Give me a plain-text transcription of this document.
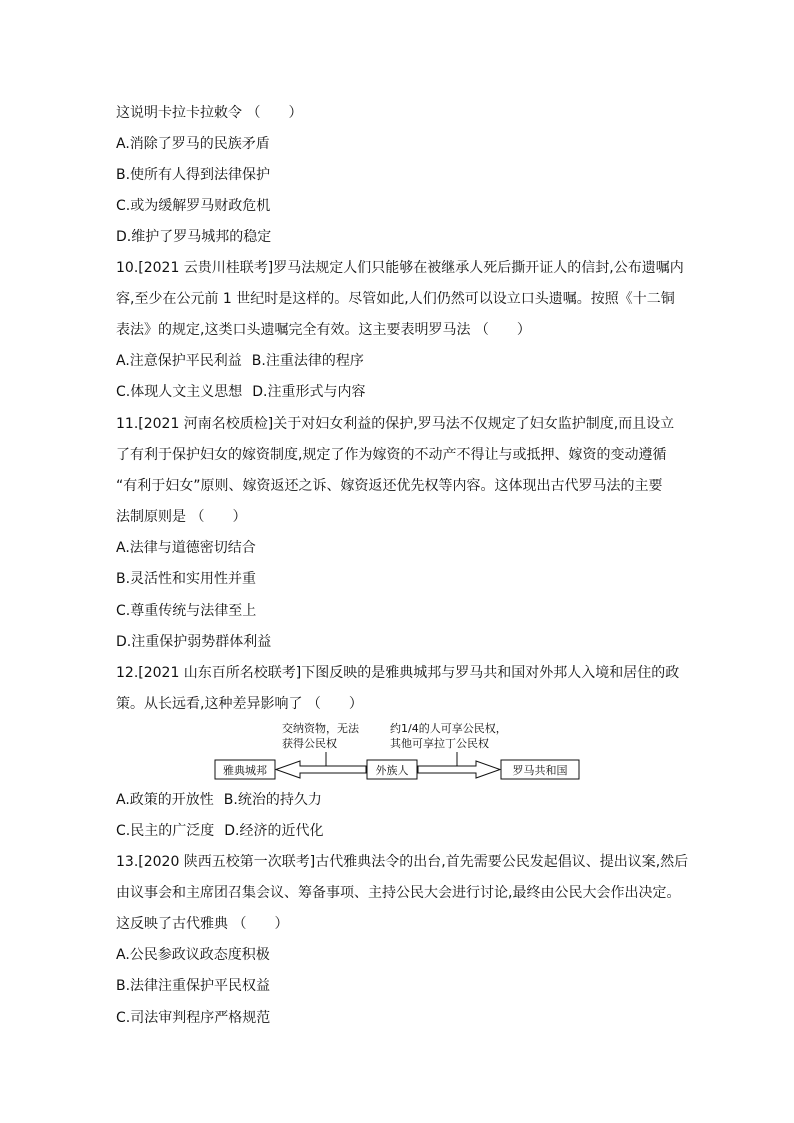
这说明卡拉卡拉敕令 （　　）
A.消除了罗马的民族矛盾
B.使所有人得到法律保护
C.或为缓解罗马财政危机
D.维护了罗马城邦的稳定
10.[2021 云贵川桂联考]罗马法规定人们只能够在被继承人死后撕开证人的信封,公布遗嘱内
容,至少在公元前 1 世纪时是这样的。尽管如此,人们仍然可以设立口头遗嘱。按照《十二铜
表法》的规定,这类口头遗嘱完全有效。这主要表明罗马法 （　　）
A.注意保护平民利益 B.注重法律的程序
C.体现人文主义思想 D.注重形式与内容
11.[2021 河南名校质检]关于对妇女利益的保护,罗马法不仅规定了妇女监护制度,而且设立
了有利于保护妇女的嫁资制度,规定了作为嫁资的不动产不得让与或抵押、嫁资的变动遵循
“有利于妇女”原则、嫁资返还之诉、嫁资返还优先权等内容。这体现出古代罗马法的主要
法制原则是 （　　）
A.法律与道德密切结合
B.灵活性和实用性并重
C.尊重传统与法律至上
D.注重保护弱势群体利益
12.[2021 山东百所名校联考]下图反映的是雅典城邦与罗马共和国对外邦人入境和居住的政
策。从长远看,这种差异影响了 （　　）
交纳资物，无法
获得公民权
约1/4的人可享公民权，
其他可享拉丁公民权
雅典城邦	外族人	罗马共和国
A.政策的开放性 B.统治的持久力
C.民主的广泛度 D.经济的近代化
13.[2020 陕西五校第一次联考]古代雅典法令的出台,首先需要公民发起倡议、提出议案,然后
由议事会和主席团召集会议、筹备事项、主持公民大会进行讨论,最终由公民大会作出决定。
这反映了古代雅典 （　　）
A.公民参政议政态度积极
B.法律注重保护平民权益
C.司法审判程序严格规范
